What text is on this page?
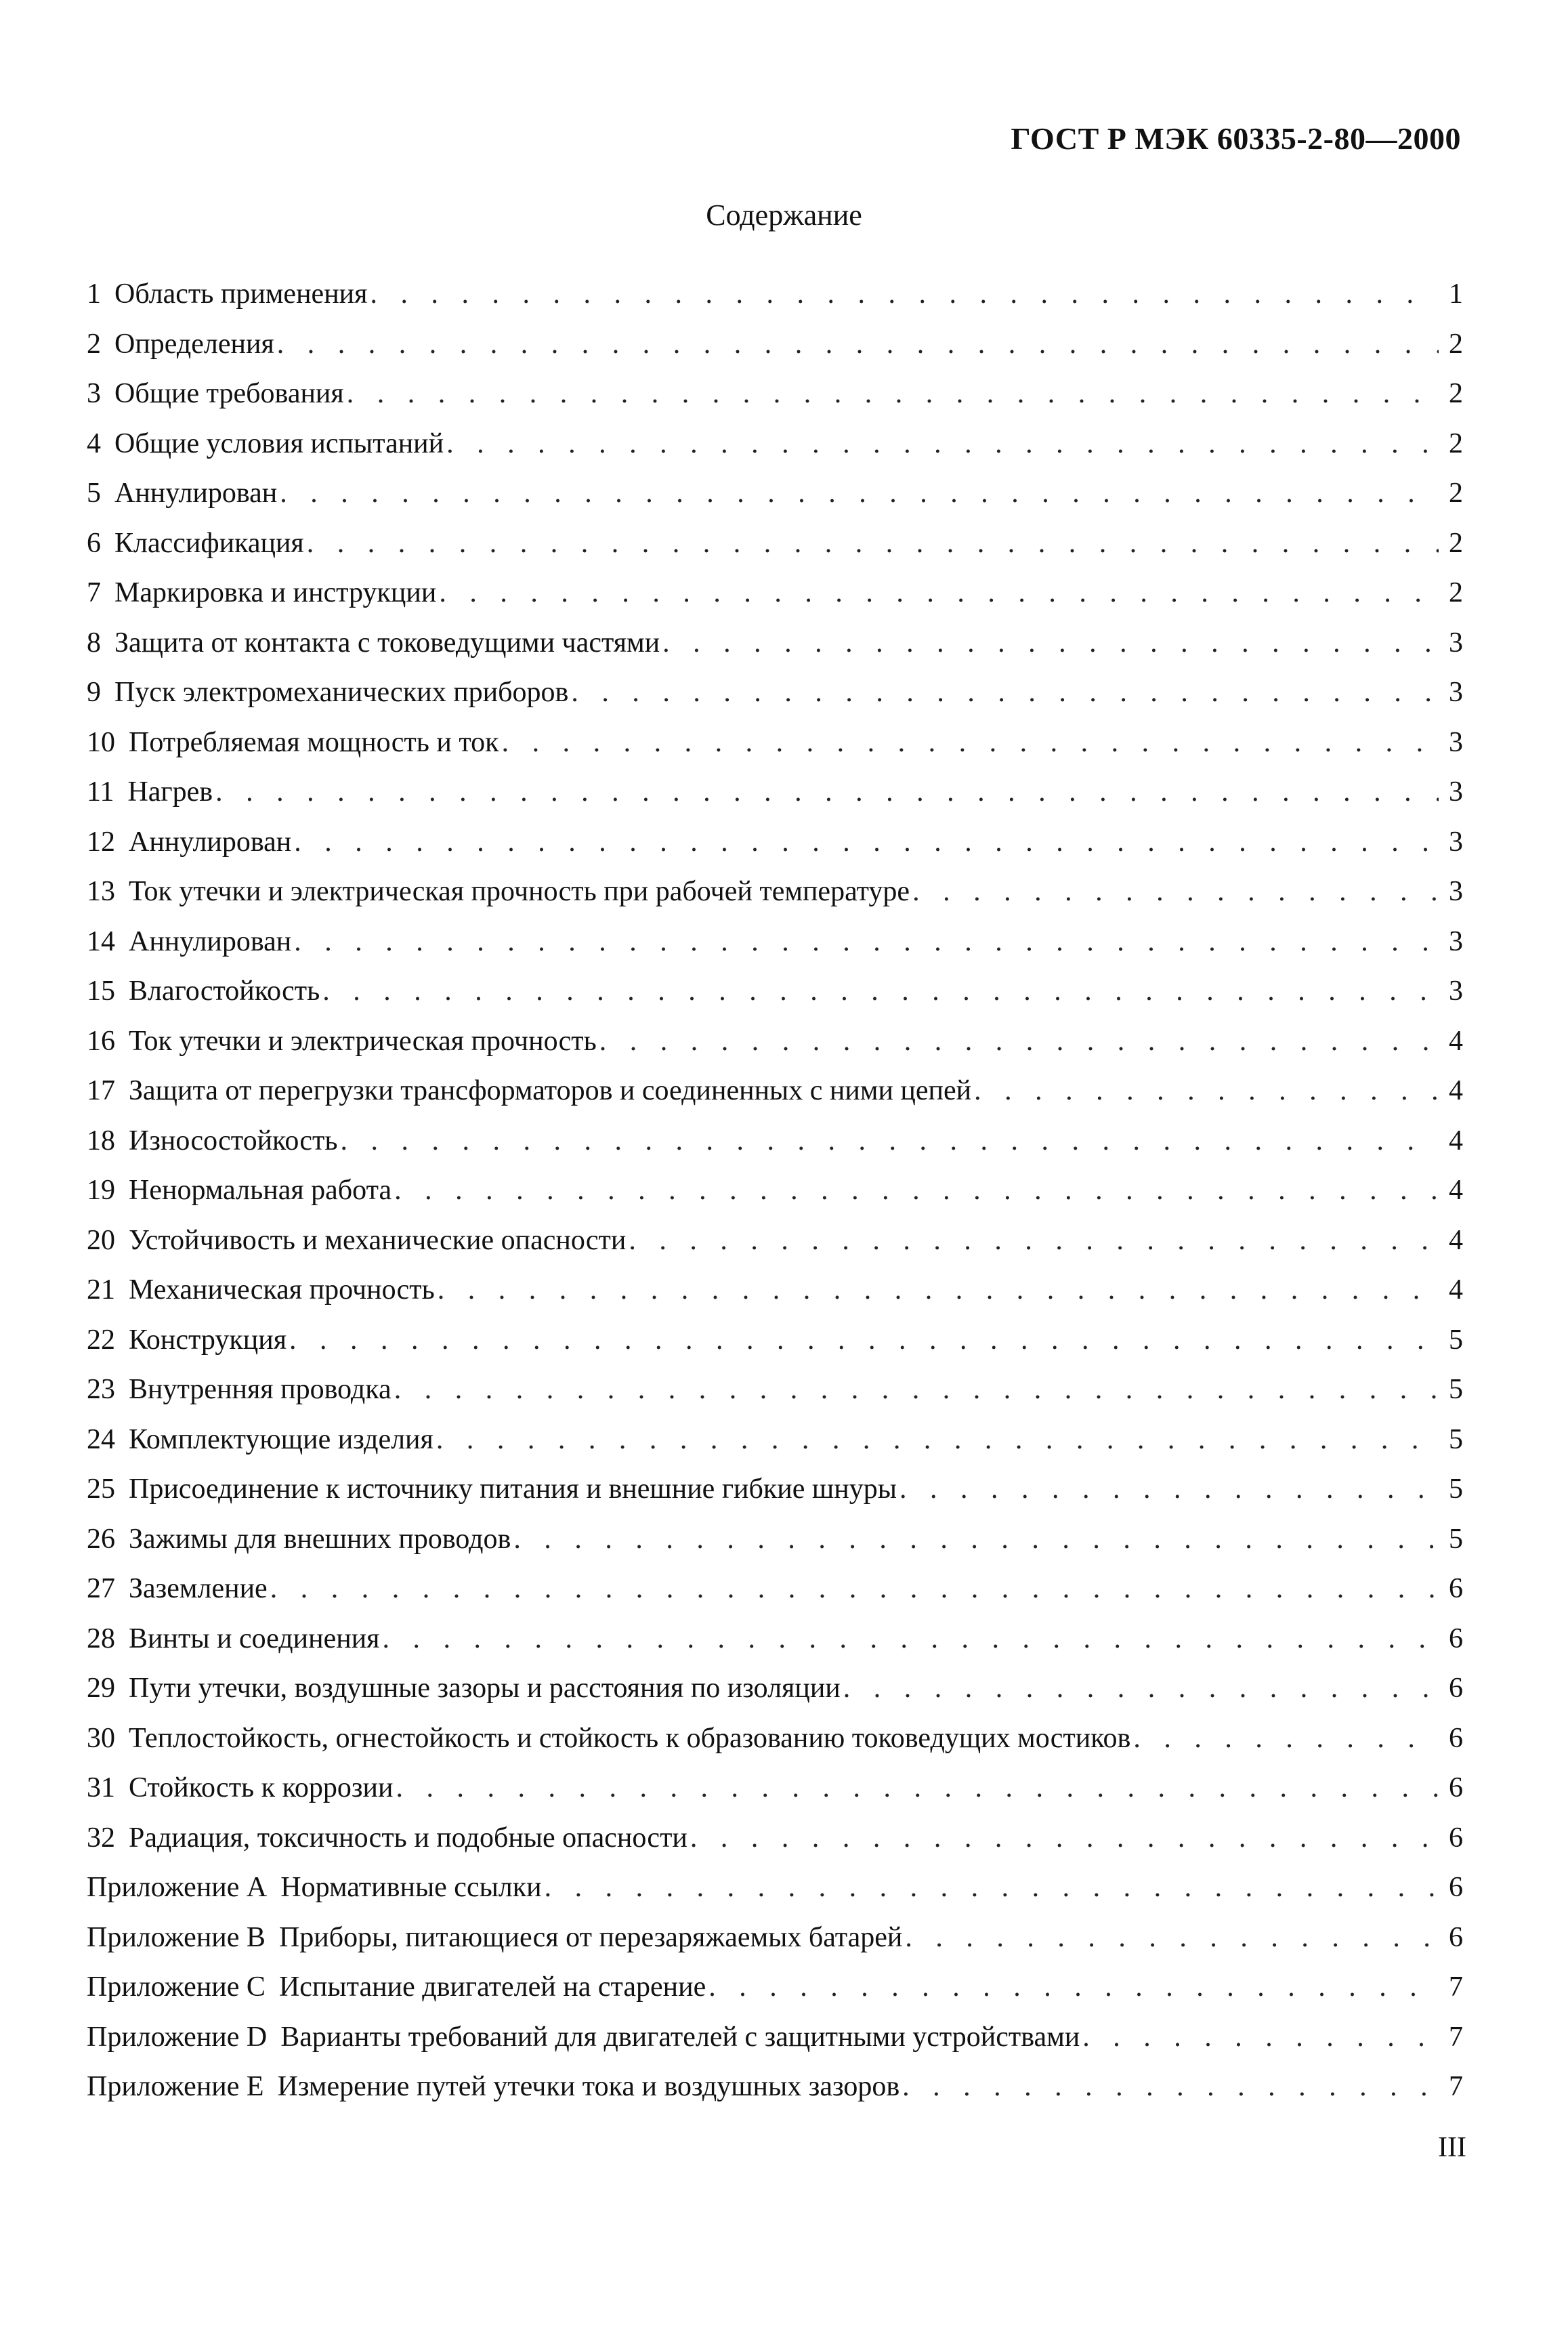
ГОСТ Р МЭК 60335-2-80—2000
Содержание
1 Область применения . . .	1
2 Определения . . .	2
3 Общие требования . . .	2
4 Общие условия испытаний . . .	2
5 Аннулирован . . .	2
6 Классификация . . .	2
7 Маркировка и инструкции . . .	2
8 Защита от контакта с токоведущими частями . . .	3
9 Пуск электромеханических приборов . . .	3
10 Потребляемая мощность и ток . . .	3
11 Нагрев . . .	3
12 Аннулирован . . .	3
13 Ток утечки и электрическая прочность при рабочей температуре . . .	3
14 Аннулирован . . .	3
15 Влагостойкость . . .	3
16 Ток утечки и электрическая прочность . . .	4
17 Защита от перегрузки трансформаторов и соединенных с ними цепей . . .	4
18 Износостойкость . . .	4
19 Ненормальная работа . . .	4
20 Устойчивость и механические опасности . . .	4
21 Механическая прочность . . .	4
22 Конструкция . . .	5
23 Внутренняя проводка . . .	5
24 Комплектующие изделия . . .	5
25 Присоединение к источнику питания и внешние гибкие шнуры . . .	5
26 Зажимы для внешних проводов . . .	5
27 Заземление . . .	6
28 Винты и соединения . . .	6
29 Пути утечки, воздушные зазоры и расстояния по изоляции . . .	6
30 Теплостойкость, огнестойкость и стойкость к образованию токоведущих мостиков . . .	6
31 Стойкость к коррозии . . .	6
32 Радиация, токсичность и подобные опасности . . .	6
Приложение А Нормативные ссылки . . .	6
Приложение В Приборы, питающиеся от перезаряжаемых батарей . . .	6
Приложение С Испытание двигателей на старение . . .	7
Приложение D Варианты требований для двигателей с защитными устройствами . . .	7
Приложение Е Измерение путей утечки тока и воздушных зазоров . . .	7
III
